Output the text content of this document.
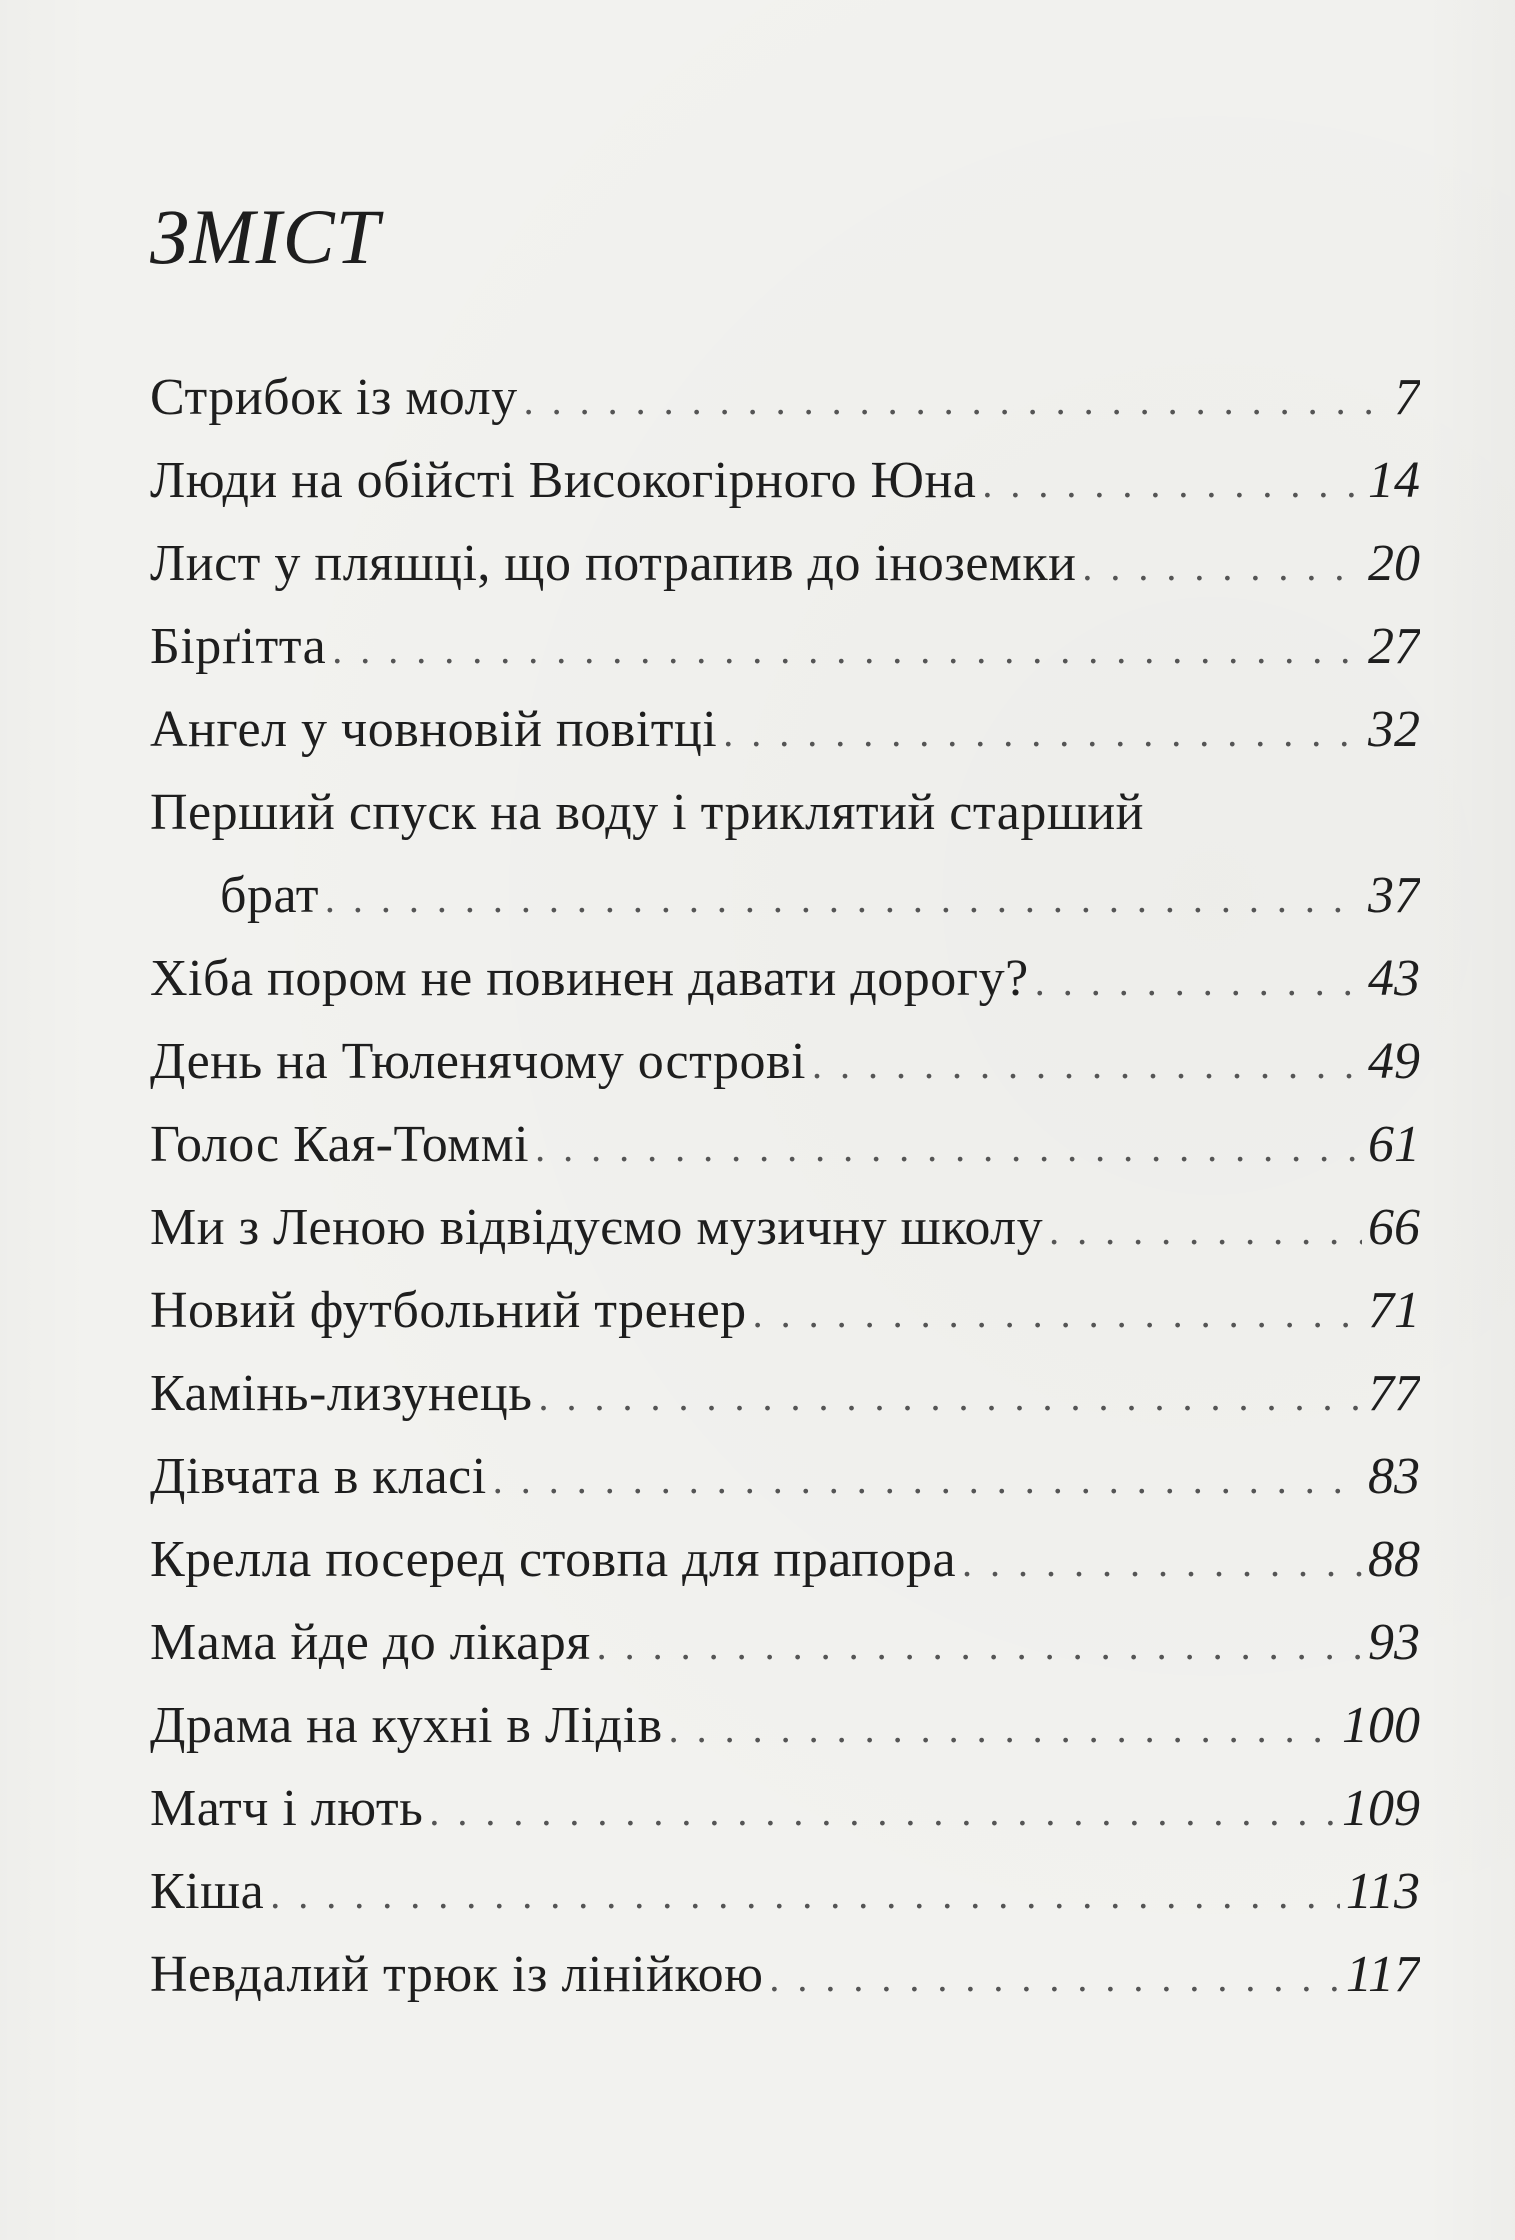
ЗМІСТ
Стрибок із молу . . .	7
Люди на обійсті Високогірного Юна . . .	14
Лист у пляшці, що потрапив до іноземки . . .	20
Бірґітта . . .	27
Ангел у човновій повітці . . .	32
Перший спуск на воду і триклятий старший
брат . . .	37
Хіба пором не повинен давати дорогу? . . .	43
День на Тюленячому острові . . .	49
Голос Кая-Томмі . . .	61
Ми з Леною відвідуємо музичну школу . . .	66
Новий футбольний тренер . . .	71
Камінь-лизунець . . .	77
Дівчата в класі . . .	83
Крелла посеред стовпа для прапора . . .	88
Мама йде до лікаря . . .	93
Драма на кухні в Лідів . . .	100
Матч і лють . . .	109
Кіша . . .	113
Невдалий трюк із лінійкою . . .	117
